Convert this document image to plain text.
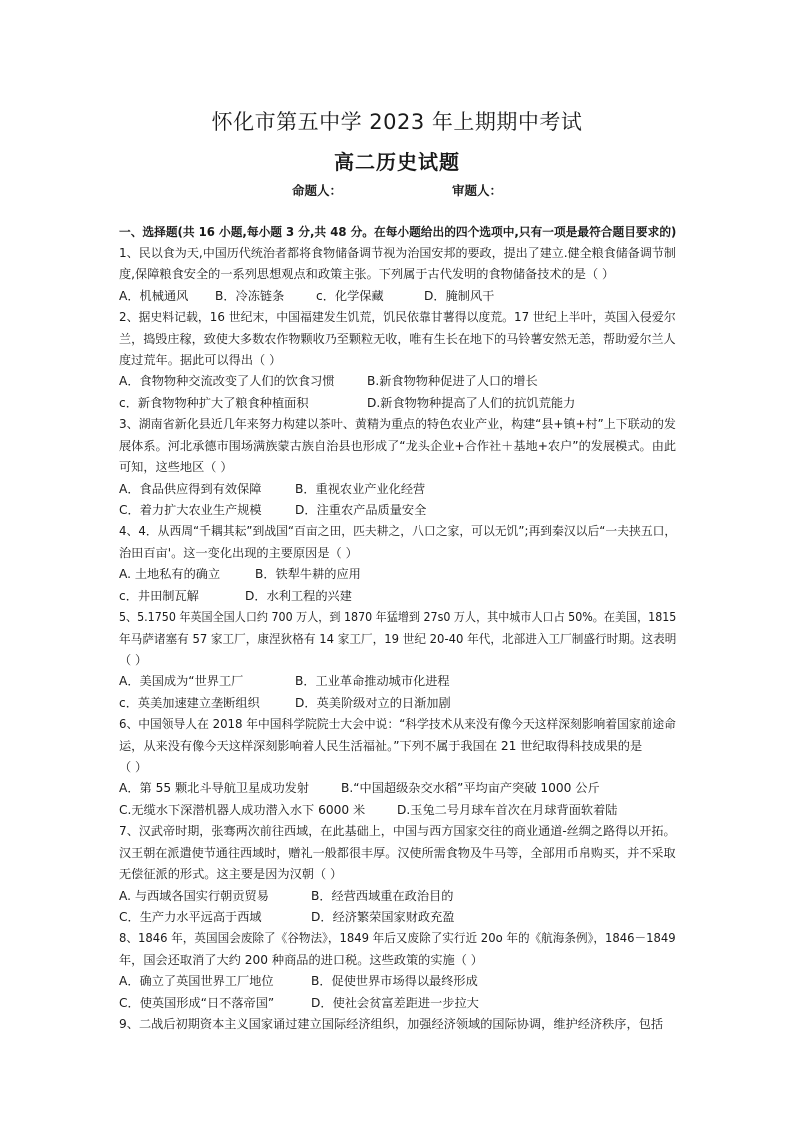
怀化市第五中学 2023 年上期期中考试
高二历史试题
命题人：	审题人：
一、选择题(共 16 小题,每小题 3 分,共 48 分。在每小题给出的四个选项中,只有一项是最符合题目要求的)
1、民以食为天,中国历代统治者都将食物储备调节视为治国安邦的要政，提出了建立.健全粮食储备调节制
度,保障粮食安全的一系列思想观点和政策主张。下列属于古代发明的食物储备技术的是（ ）
A．机械通风 B．冷冻链条	c．化学保藏	D．腌制风干
2、据史料记载，16 世纪末，中国福建发生饥荒，饥民依靠甘薯得以度荒。17 世纪上半叶，英国入侵爱尔
兰，捣毁庄稼，致使大多数农作物颗收乃至颗粒无收，唯有生长在地下的马铃薯安然无恙，帮助爱尔兰人
度过荒年。据此可以得出（ ）
A．食物物种交流改变了人们的饮食习惯	B.新食物物种促进了人口的增长
c．新食物物种扩大了粮食种植面积	D.新食物物种提高了人们的抗饥荒能力
3、湖南省新化县近几年来努力构建以茶叶、黄精为重点的特色农业产业，构建“县+镇+村”上下联动的发
展体系。河北承德市围场满族蒙古族自治县也形成了“龙头企业+合作社＋基地+农户”的发展模式。由此
可知，这些地区（ ）
A．食品供应得到有效保障	B．重视农业产业化经营
C．着力扩大农业生产规模	D．注重农产品质量安全
4、4．从西周“千耦其耘”到战国“百亩之田，匹夫耕之，八口之家，可以无饥”;再到秦汉以后“一夫挟五口，
治田百亩'。这一变化出现的主要原因是（ ）
A. 土地私有的确立	B．铁犁牛耕的应用
c．井田制瓦解	D．水利工程的兴建
5、5.1750 年英国全国人口约 700 万人，到 1870 年猛增到 27s0 万人，其中城市人口占 50%。在美国，1815
年马萨诸塞有 57 家工厂，康涅狄格有 14 家工厂，19 世纪 20-40 年代，北部进入工厂制盛行时期。这表明
（ ）
A．美国成为“世界工厂	B．工业革命推动城市化进程
c．英美加速建立垄断组织	D．英美阶级对立的日渐加剧
6、中国领导人在 2018 年中国科学院院士大会中说：“科学技术从来没有像今天这样深刻影响着国家前途命
运，从来没有像今天这样深刻影响着人民生活福祉。”下列不属于我国在 21 世纪取得科技成果的是
（ ）
A．第 55 颗北斗导航卫星成功发射	B.“中国超级杂交水稻”平均亩产突破 1000 公斤
C.无缆水下深潜机器人成功潜入水下 6000 米	D.玉兔二号月球车首次在月球背面软着陆
7、汉武帝时期，张骞两次前往西域，在此基础上，中国与西方国家交往的商业通道-丝绸之路得以开拓。
汉王朝在派遣使节通往西域时，赠礼一般都很丰厚。汉使所需食物及牛马等，全部用币帛购买，并不采取
无偿征派的形式。这主要是因为汉朝（ ）
A. 与西域各国实行朝贡贸易	B．经营西域重在政治目的
C．生产力水平远高于西域	D．经济繁荣国家财政充盈
8、1846 年，英国国会废除了《谷物法》，1849 年后又废除了实行近 20o 年的《航海条例》，1846－1849
年，国会还取消了大约 200 种商品的进口税。这些政策的实施（ ）
A．确立了英国世界工厂地位	B．促使世界市场得以最终形成
C．使英国形成“日不落帝国”	D．使社会贫富差距进一步拉大
9、二战后初期资本主义国家诵过建立国际经济组织，加强经济领域的国际协调，维护经济秩序，包括
